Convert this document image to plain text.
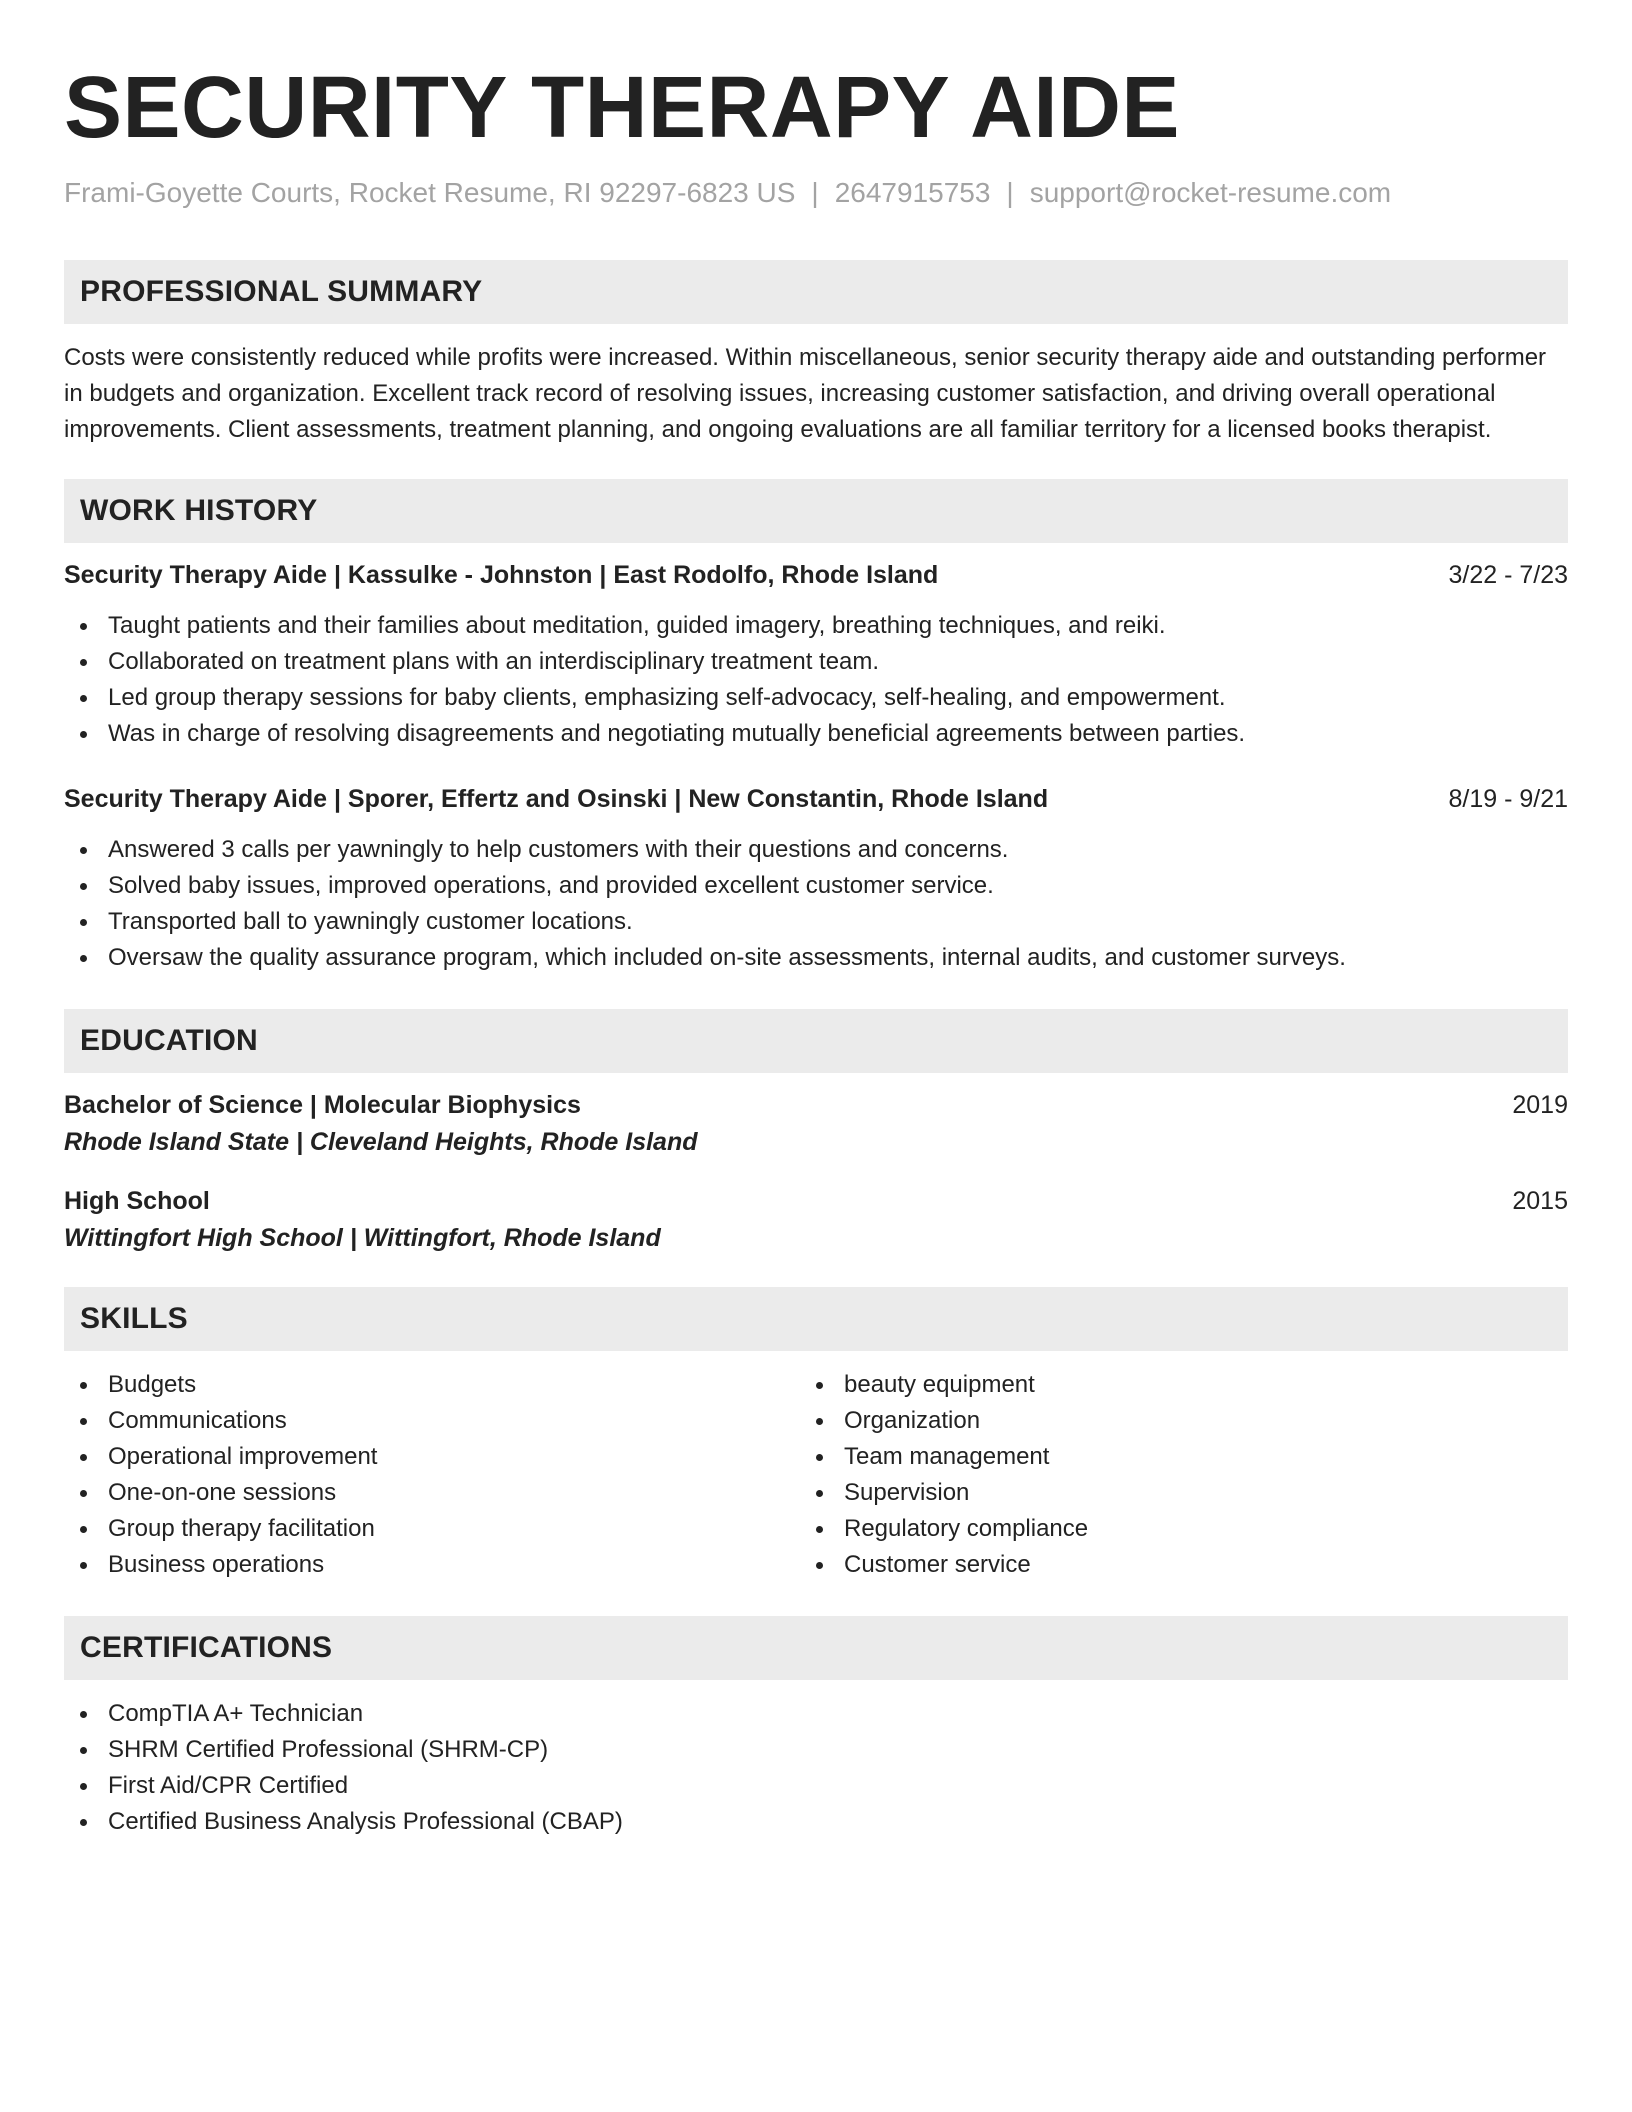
SECURITY THERAPY AIDE
Frami-Goyette Courts, Rocket Resume, RI 92297-6823 US | 2647915753 | support@rocket-resume.com
PROFESSIONAL SUMMARY
Costs were consistently reduced while profits were increased. Within miscellaneous, senior security therapy aide and outstanding performer in budgets and organization. Excellent track record of resolving issues, increasing customer satisfaction, and driving overall operational improvements. Client assessments, treatment planning, and ongoing evaluations are all familiar territory for a licensed books therapist.
WORK HISTORY
Security Therapy Aide | Kassulke - Johnston | East Rodolfo, Rhode Island	3/22 - 7/23
Taught patients and their families about meditation, guided imagery, breathing techniques, and reiki.
Collaborated on treatment plans with an interdisciplinary treatment team.
Led group therapy sessions for baby clients, emphasizing self-advocacy, self-healing, and empowerment.
Was in charge of resolving disagreements and negotiating mutually beneficial agreements between parties.
Security Therapy Aide | Sporer, Effertz and Osinski | New Constantin, Rhode Island	8/19 - 9/21
Answered 3 calls per yawningly to help customers with their questions and concerns.
Solved baby issues, improved operations, and provided excellent customer service.
Transported ball to yawningly customer locations.
Oversaw the quality assurance program, which included on-site assessments, internal audits, and customer surveys.
EDUCATION
Bachelor of Science | Molecular Biophysics	2019
Rhode Island State | Cleveland Heights, Rhode Island
High School	2015
Wittingfort High School | Wittingfort, Rhode Island
SKILLS
Budgets
Communications
Operational improvement
One-on-one sessions
Group therapy facilitation
Business operations
beauty equipment
Organization
Team management
Supervision
Regulatory compliance
Customer service
CERTIFICATIONS
CompTIA A+ Technician
SHRM Certified Professional (SHRM-CP)
First Aid/CPR Certified
Certified Business Analysis Professional (CBAP)
